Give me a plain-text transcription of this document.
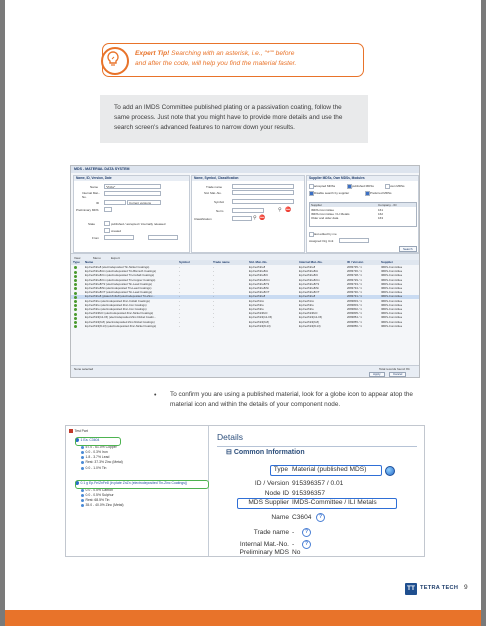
Expert Tip! Searching with an asterisk, i.e., "*"" before
and after the code, will help you find the material faster.

To add an IMDS Committee published plating or a passivation coating, follow the same process. Just note that you might have to provide more details and use the search screen's advanced features to narrow down your results.

MDS - MATERIAL DATA SYSTEM
Name, ID, Version, Date
Name	*ZnFe*
Internal Mat.-No.
ID	Current versions
Preliminary MDS
State	published / accepted / internally released
created
From
Name, Symbol, Classification
Trade name
Std. Mat.-No.
Symbol
Norm	⚲ ⛔
Classification	⚲ ⛔
Supplier MDSs, Own MDSs, Modules
accepted MDSs	published MDSs	own MDSs
Disable search by supplier	Preferred MDSs
Supplier	Company - ID
IMDS-Committee	161
IMDS-Committee / ILI Metals	162
Older and older data	163
last edited by me
Assigned Org Unit
Search
View	Menu	Export
Type Name	Symbol	Trade name	Std. Mat.-No.	Internal Mat.-No.	ID / Version	Supplier
Ep.Fe/ZnFe8 (electrodeposited Tin-Nickel Coatings)	-	-	Ep.Fe/ZnFe8	Ep.Fe/ZnFe8	2083735 / 1	IMDS-Committee
Ep.Fe/ZnFe8/An (electrodeposited Tin-Bismuth Coatings)	-	-	Ep.Fe/ZnFe8/A	Ep.Fe/ZnFe8/A	2083736 / 1	IMDS-Committee
Ep.Fe/ZnFe8/Cn (electrodeposited Tin-Cobalt Coatings)	-	-	Ep.Fe/ZnFe8/C	Ep.Fe/ZnFe8/C	2083728 / 1	IMDS-Committee
Ep.Fe/ZnFe8/Cn (electrodeposited Tin-Copper Coatings)	-	-	Ep.Fe/ZnFe8/Cn	Ep.Fe/ZnFe8/Cn	2083729 / 1	IMDS-Committee
Ep.Fe/ZnFe8/T2 (electrodeposited Tin-Lead Coatings)	-	-	Ep.Fe/ZnFe8/T2	Ep.Fe/ZnFe8/T2	2083733 / 1	IMDS-Committee
Ep.Fe/ZnFe8/Ni (electrodeposited Tin-Lead Coatings)	-	-	Ep.Fe/ZnFe8/Ni	Ep.Fe/ZnFe8/Ni	2083734 / 1	IMDS-Committee
Ep.Fe/ZnFe8/r/T (electrodeposited Tin-Lead Coatings)	-	-	Ep.Fe/ZnFe8/r/T	Ep.Fe/ZnFe8/r/T	2083730 / 1	IMDS-Committee
Ep.Fe/ZnFe8 (plated ZnFe8 (electrodeposited Tin-Zinc...	-	-	Ep.Fe/ZnFe8	Ep.Fe/ZnFe8	2083731 / 1	IMDS-Committee
Ep.Fe/ZnFe (electrodeposited Zinc-Cobalt Coatings)	-	-	Ep.Fe/ZnCo	Ep.Fe/ZnCo	2083803 / 1	IMDS-Committee
Ep.Fe/ZnFe (electrodeposited Zinc-Iron Coatings)	-	-	Ep.Fe/ZnFe	Ep.Fe/ZnFe	2083803 / 1	IMDS-Committee
Ep.Fe/ZnFe (electrodeposited Zinc-Iron Coatings)	-	-	Ep.Fe/ZnFe	Ep.Fe/ZnFe	2083802 / 1	IMDS-Committee
Ep.Fe/ZnNi6//c (electrodeposited Zinc-Nickel Coatings)	-	-	Ep.Fe/ZnNi6//c	Ep.Fe/ZnNi6//c	2083805 / 1	IMDS-Committee
Ep.Fe/ZnNi(12-15) (electrodeposited Zinc-Nickel Coatin...	-	-	Ep.Fe/ZnNi(12-15)	Ep.Fe/ZnNi(12-15)	2083854 / 1	IMDS-Committee
Ep.Fe/ZnNi(6-8) (electrodeposited Zinc-Nickel Coatings)	-	-	Ep.Fe/ZnNi(6-8)	Ep.Fe/ZnNi(6-8)	2083855 / 1	IMDS-Committee
Ep.Fe/ZnNi(8-13) (electrodeposited Zinc-Nickel Coatings)	-	-	Ep.Fe/ZnNi(8-13)	Ep.Fe/ZnNi(8-13)	2083856 / 1	IMDS-Committee
None selected	Total records found: 84
Apply	Cancel
•	To confirm you are using a published material, look for a globe icon to appear atop the material icon and within the details of your component node.
Test Part
1 Ea. C3604
57.0 - 61.0% Copper
0.0 - 0.3% Iron
1.8 - 3.7% Lead
Rest: 37.3% Zinc (Metal)
0.0 - 1.0% Tin
0.1 g Ep.Fe/ZnFe8 (in plate ZnZn (electrodeposited Tin-Zinc Coatings))
0.0 - 0.5% Carbon
0.0 - 0.5% Sulphur
Rest: 68.5% Tin
35.0 - 40.0% Zinc (Metal)
Details
⊟ Common Information
Type Material (published MDS)
ID / Version 915396357 / 0.01
Node ID 915396357
MDS Supplier IMDS-Committee / ILI Metals
Name C3604	?
Trade name -	?
Internal Mat.-No. -	?
Preliminary MDS No
TT TETRA TECH 9
